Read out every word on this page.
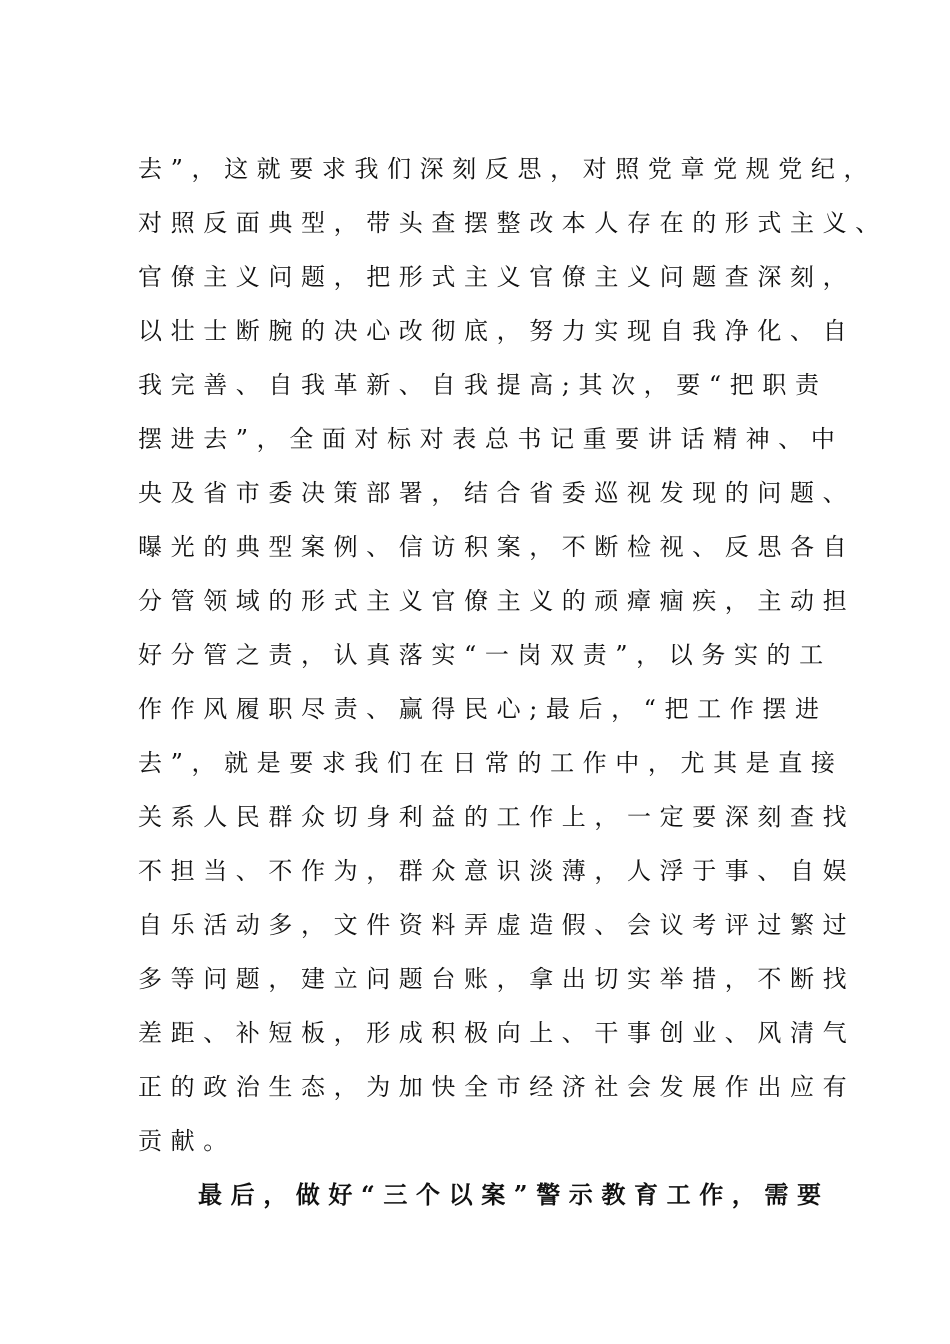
去”，这就要求我们深刻反思，对照党章党规党纪，
对照反面典型，带头查摆整改本人存在的形式主义、
官僚主义问题，把形式主义官僚主义问题查深刻，
以壮士断腕的决心改彻底，努力实现自我净化、自
我完善、自我革新、自我提高;其次，要“把职责
摆进去”，全面对标对表总书记重要讲话精神、中
央及省市委决策部署，结合省委巡视发现的问题、
曝光的典型案例、信访积案，不断检视、反思各自
分管领域的形式主义官僚主义的顽瘴痼疾，主动担
好分管之责，认真落实“一岗双责”，以务实的工
作作风履职尽责、赢得民心;最后，“把工作摆进
去”，就是要求我们在日常的工作中，尤其是直接
关系人民群众切身利益的工作上，一定要深刻查找
不担当、不作为，群众意识淡薄，人浮于事、自娱
自乐活动多，文件资料弄虚造假、会议考评过繁过
多等问题，建立问题台账，拿出切实举措，不断找
差距、补短板，形成积极向上、干事创业、风清气
正的政治生态，为加快全市经济社会发展作出应有
贡献。
最后，做好“三个以案”警示教育工作，需要
